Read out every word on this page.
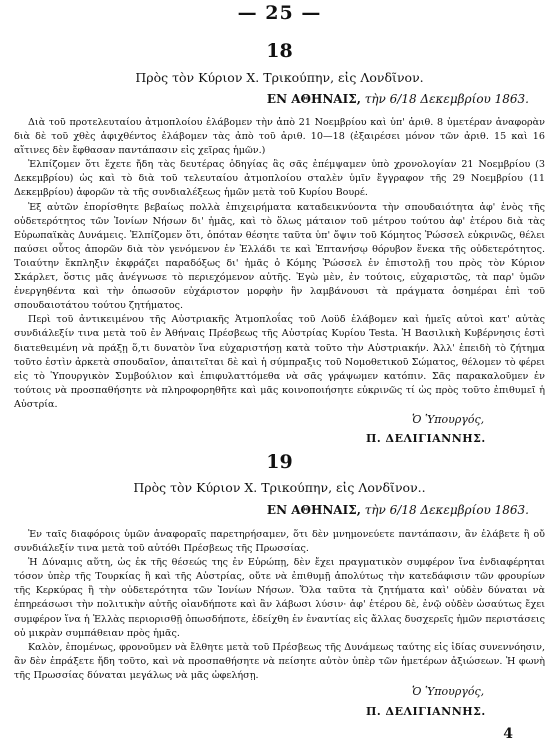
— 25 —
18
Πρὸς τὸν Κύριον Χ. Τρικούπην, εἰς Λονδῖνον.
ΕΝ ΑΘΗΝΑΙΣ, τὴν 6/18 Δεκεμβρίου 1863.

Διὰ τοῦ προτελευταίου ἀτμοπλοίου ἐλάβομεν τὴν ἀπὸ 21 Νοεμβρίου καὶ ὑπ' ἀριθ. 8 ὑμετέραν ἀναφορὰν διὰ δὲ τοῦ χθὲς ἀφιχθέντος ἐλάβομεν τὰς ἀπὸ τοῦ ἀριθ. 10—18 (ἐξαιρέσει μόνον τῶν ἀριθ. 15 καὶ 16 αἵτινες δὲν ἔφθασαν παντάπασιν εἰς χεῖρας ἡμῶν.)

Ἐλπίζομεν ὅτι ἔχετε ἤδη τὰς δευτέρας ὁδηγίας ἃς σᾶς ἐπέμψαμεν ὑπὸ χρονολογίαν 21 Νοεμβρίου (3 Δεκεμβρίου) ὡς καὶ τὸ διὰ τοῦ τελευταίου ἀτμοπλοίου σταλὲν ὑμῖν ἔγγραφον τῆς 29 Νοεμβρίου (11 Δεκεμβρίου) ἀφορῶν τὰ τῆς συνδιαλέξεως ἡμῶν μετὰ τοῦ Κυρίου Βουρέ.

Ἐξ αὐτῶν ἐπορίσθητε βεβαίως πολλὰ ἐπιχειρήματα καταδεικνύοντα τὴν σπουδαιότητα ἀφ' ἑνὸς τῆς οὐδετερότητος τῶν Ἰονίων Νήσων δι' ἡμᾶς, καὶ τὸ ὅλως μάταιον τοῦ μέτρου τούτου ἀφ' ἑτέρου διὰ τὰς Εὐρωπαϊκὰς Δυνάμεις. Ἐλπίζομεν ὅτι, ὁπόταν θέσητε ταῦτα ὑπ' ὄψιν τοῦ Κόμητος Ῥώσσελ εὐκρινῶς, θέλει παύσει οὗτος ἀπορῶν διὰ τὸν γενόμενον ἐν Ἑλλάδι τε καὶ Ἑπτανήσῳ θόρυβον ἕνεκα τῆς οὐδετερότητος. Τοιαύτην ἔκπληξιν ἐκφράζει παραδόξως δι' ἡμᾶς ὁ Κόμης Ῥώσσελ ἐν ἐπιστολῇ του πρὸς τὸν Κύριον Σκάρλετ, ὅστις μᾶς ἀνέγνωσε τὸ περιεχόμενον αὐτῆς. Ἐγὼ μὲν, ἐν τούτοις, εὐχαριστῶς, τὰ παρ' ὑμῶν ἐνεργηθέντα καὶ τὴν ὁπωσοῦν εὐχάριστον μορφὴν ἣν λαμβάνουσι τὰ πράγματα ὁσημέραι ἐπὶ τοῦ σπουδαιοτάτου τούτου ζητήματος.

Περὶ τοῦ ἀντικειμένου τῆς Αὐστριακῆς Ἀτμοπλοΐας τοῦ Λοϋδ ἐλάβομεν καὶ ἡμεῖς αὐτοὶ κατ' αὐτὰς συνδιάλεξίν τινα μετὰ τοῦ ἐν Ἀθήναις Πρέσβεως τῆς Αὐστρίας Κυρίου Testa. Ἡ Βασιλικὴ Κυβέρνησις ἐστὶ διατεθειμένη νὰ πράξῃ ὅ,τι δυνατὸν ἵνα εὐχαριστήσῃ κατὰ τοῦτο τὴν Αὐστριακήν. Ἀλλ' ἐπειδὴ τὸ ζήτημα τοῦτο ἐστὶν ἀρκετὰ σπουδαῖον, ἀπαιτεῖται δὲ καὶ ἡ σύμπραξις τοῦ Νομοθετικοῦ Σώματος, θέλομεν τὸ φέρει εἰς τὸ Ὑπουργικὸν Συμβούλιον καὶ ἐπιφυλαττόμεθα νὰ σᾶς γράψωμεν κατόπιν. Σᾶς παρακαλοῦμεν ἐν τούτοις νὰ προσπαθήσητε νὰ πληροφορηθῆτε καὶ μᾶς κοινοποιήσητε εὐκρινῶς τί ὡς πρὸς τοῦτο ἐπιθυμεῖ ἡ Αὐστρία.

Ὁ Ὑπουργός,
Π. ΔΕΛΙΓΙΑΝΝΗΣ.
19
Πρὸς τὸν Κύριον Χ. Τρικούπην, εἰς Λονδῖνον..
ΕΝ ΑΘΗΝΑΙΣ, τὴν 6/18 Δεκεμβρίου 1863.

Ἐν ταῖς διαφόροις ὑμῶν ἀναφοραῖς παρετηρήσαμεν, ὅτι δὲν μνημονεύετε παντάπασιν, ἂν ἐλάβετε ἢ οὔ συνδιάλεξίν τινα μετὰ τοῦ αὐτόθι Πρέσβεως τῆς Πρωσσίας.

Ἡ Δύναμις αὕτη, ὡς ἐκ τῆς θέσεώς της ἐν Εὐρώπῃ, δὲν ἔχει πραγματικὸν συμφέρον ἵνα ἐνδιαφέρηται τόσον ὑπὲρ τῆς Τουρκίας ἢ καὶ τῆς Αὐστρίας, οὔτε νὰ ἐπιθυμῇ ἀπολύτως τὴν κατεδάφισιν τῶν φρουρίων τῆς Κερκύρας ἢ τὴν οὐδετερότητα τῶν Ἰονίων Νήσων. Ὅλα ταῦτα τὰ ζητήματα καὶ' οὐδὲν δύναται νὰ ἐπηρεάσωσι τὴν πολιτικὴν αὐτῆς οἱανδήποτε καὶ ἂν λάβωσι λύσιν· ἀφ' ἑτέρου δὲ, ἐνῷ οὐδὲν ὡσαύτως ἔχει συμφέρον ἵνα ἡ Ἑλλὰς περιορισθῇ ὁπωσδήποτε, ἐδείχθη ἐν ἐναντίας εἰς ἄλλας δυσχερεῖς ἡμῶν περιστάσεις οὐ μικρὰν συμπάθειαν πρὸς ἡμᾶς.

Καλὸν, ἐπομένως, φρονοῦμεν νὰ ἔλθητε μετὰ τοῦ Πρέσβεως τῆς Δυνάμεως ταύτης εἰς ἰδίας συνεννόησιν, ἂν δὲν ἐπράξετε ἤδη τοῦτο, καὶ νὰ προσπαθήσητε νὰ πείσητε αὐτὸν ὑπὲρ τῶν ἡμετέρων ἀξιώσεων. Ἡ φωνὴ τῆς Πρωσσίας δύναται μεγάλως νὰ μᾶς ὠφελήσῃ.

Ὁ Ὑπουργός,
Π. ΔΕΛΙΓΙΑΝΝΗΣ.
4
